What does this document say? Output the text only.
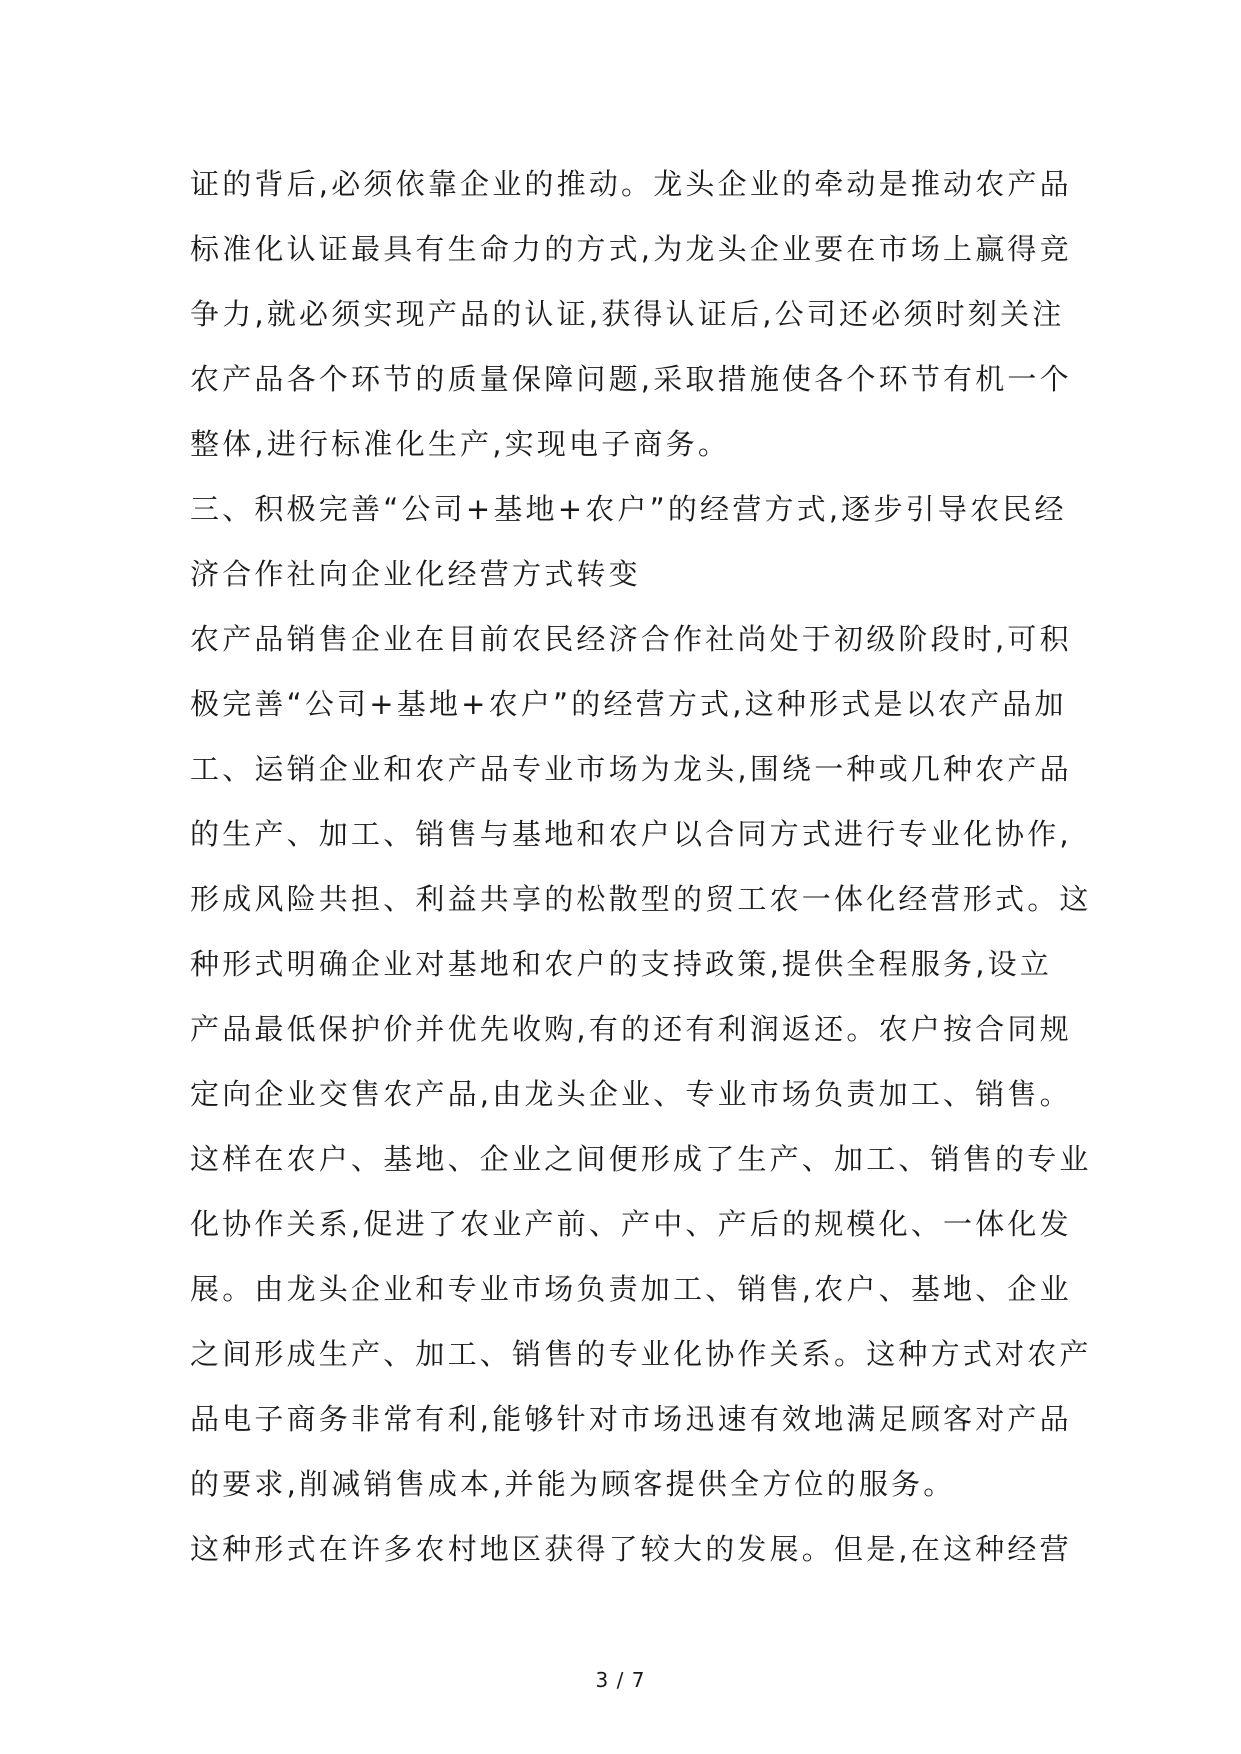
证的背后,必须依靠企业的推动。龙头企业的牵动是推动农产品
标准化认证最具有生命力的方式,为龙头企业要在市场上赢得竞
争力,就必须实现产品的认证,获得认证后,公司还必须时刻关注
农产品各个环节的质量保障问题,采取措施使各个环节有机一个
整体,进行标准化生产,实现电子商务。
三、积极完善“公司+基地+农户”的经营方式,逐步引导农民经
济合作社向企业化经营方式转变
农产品销售企业在目前农民经济合作社尚处于初级阶段时,可积
极完善“公司+基地+农户”的经营方式,这种形式是以农产品加
工、运销企业和农产品专业市场为龙头,围绕一种或几种农产品
的生产、加工、销售与基地和农户以合同方式进行专业化协作,
形成风险共担、利益共享的松散型的贸工农一体化经营形式。这
种形式明确企业对基地和农户的支持政策,提供全程服务,设立
产品最低保护价并优先收购,有的还有利润返还。农户按合同规
定向企业交售农产品,由龙头企业、专业市场负责加工、销售。
这样在农户、基地、企业之间便形成了生产、加工、销售的专业
化协作关系,促进了农业产前、产中、产后的规模化、一体化发
展。由龙头企业和专业市场负责加工、销售,农户、基地、企业
之间形成生产、加工、销售的专业化协作关系。这种方式对农产
品电子商务非常有利,能够针对市场迅速有效地满足顾客对产品
的要求,削减销售成本,并能为顾客提供全方位的服务。
这种形式在许多农村地区获得了较大的发展。但是,在这种经营
3 / 7
